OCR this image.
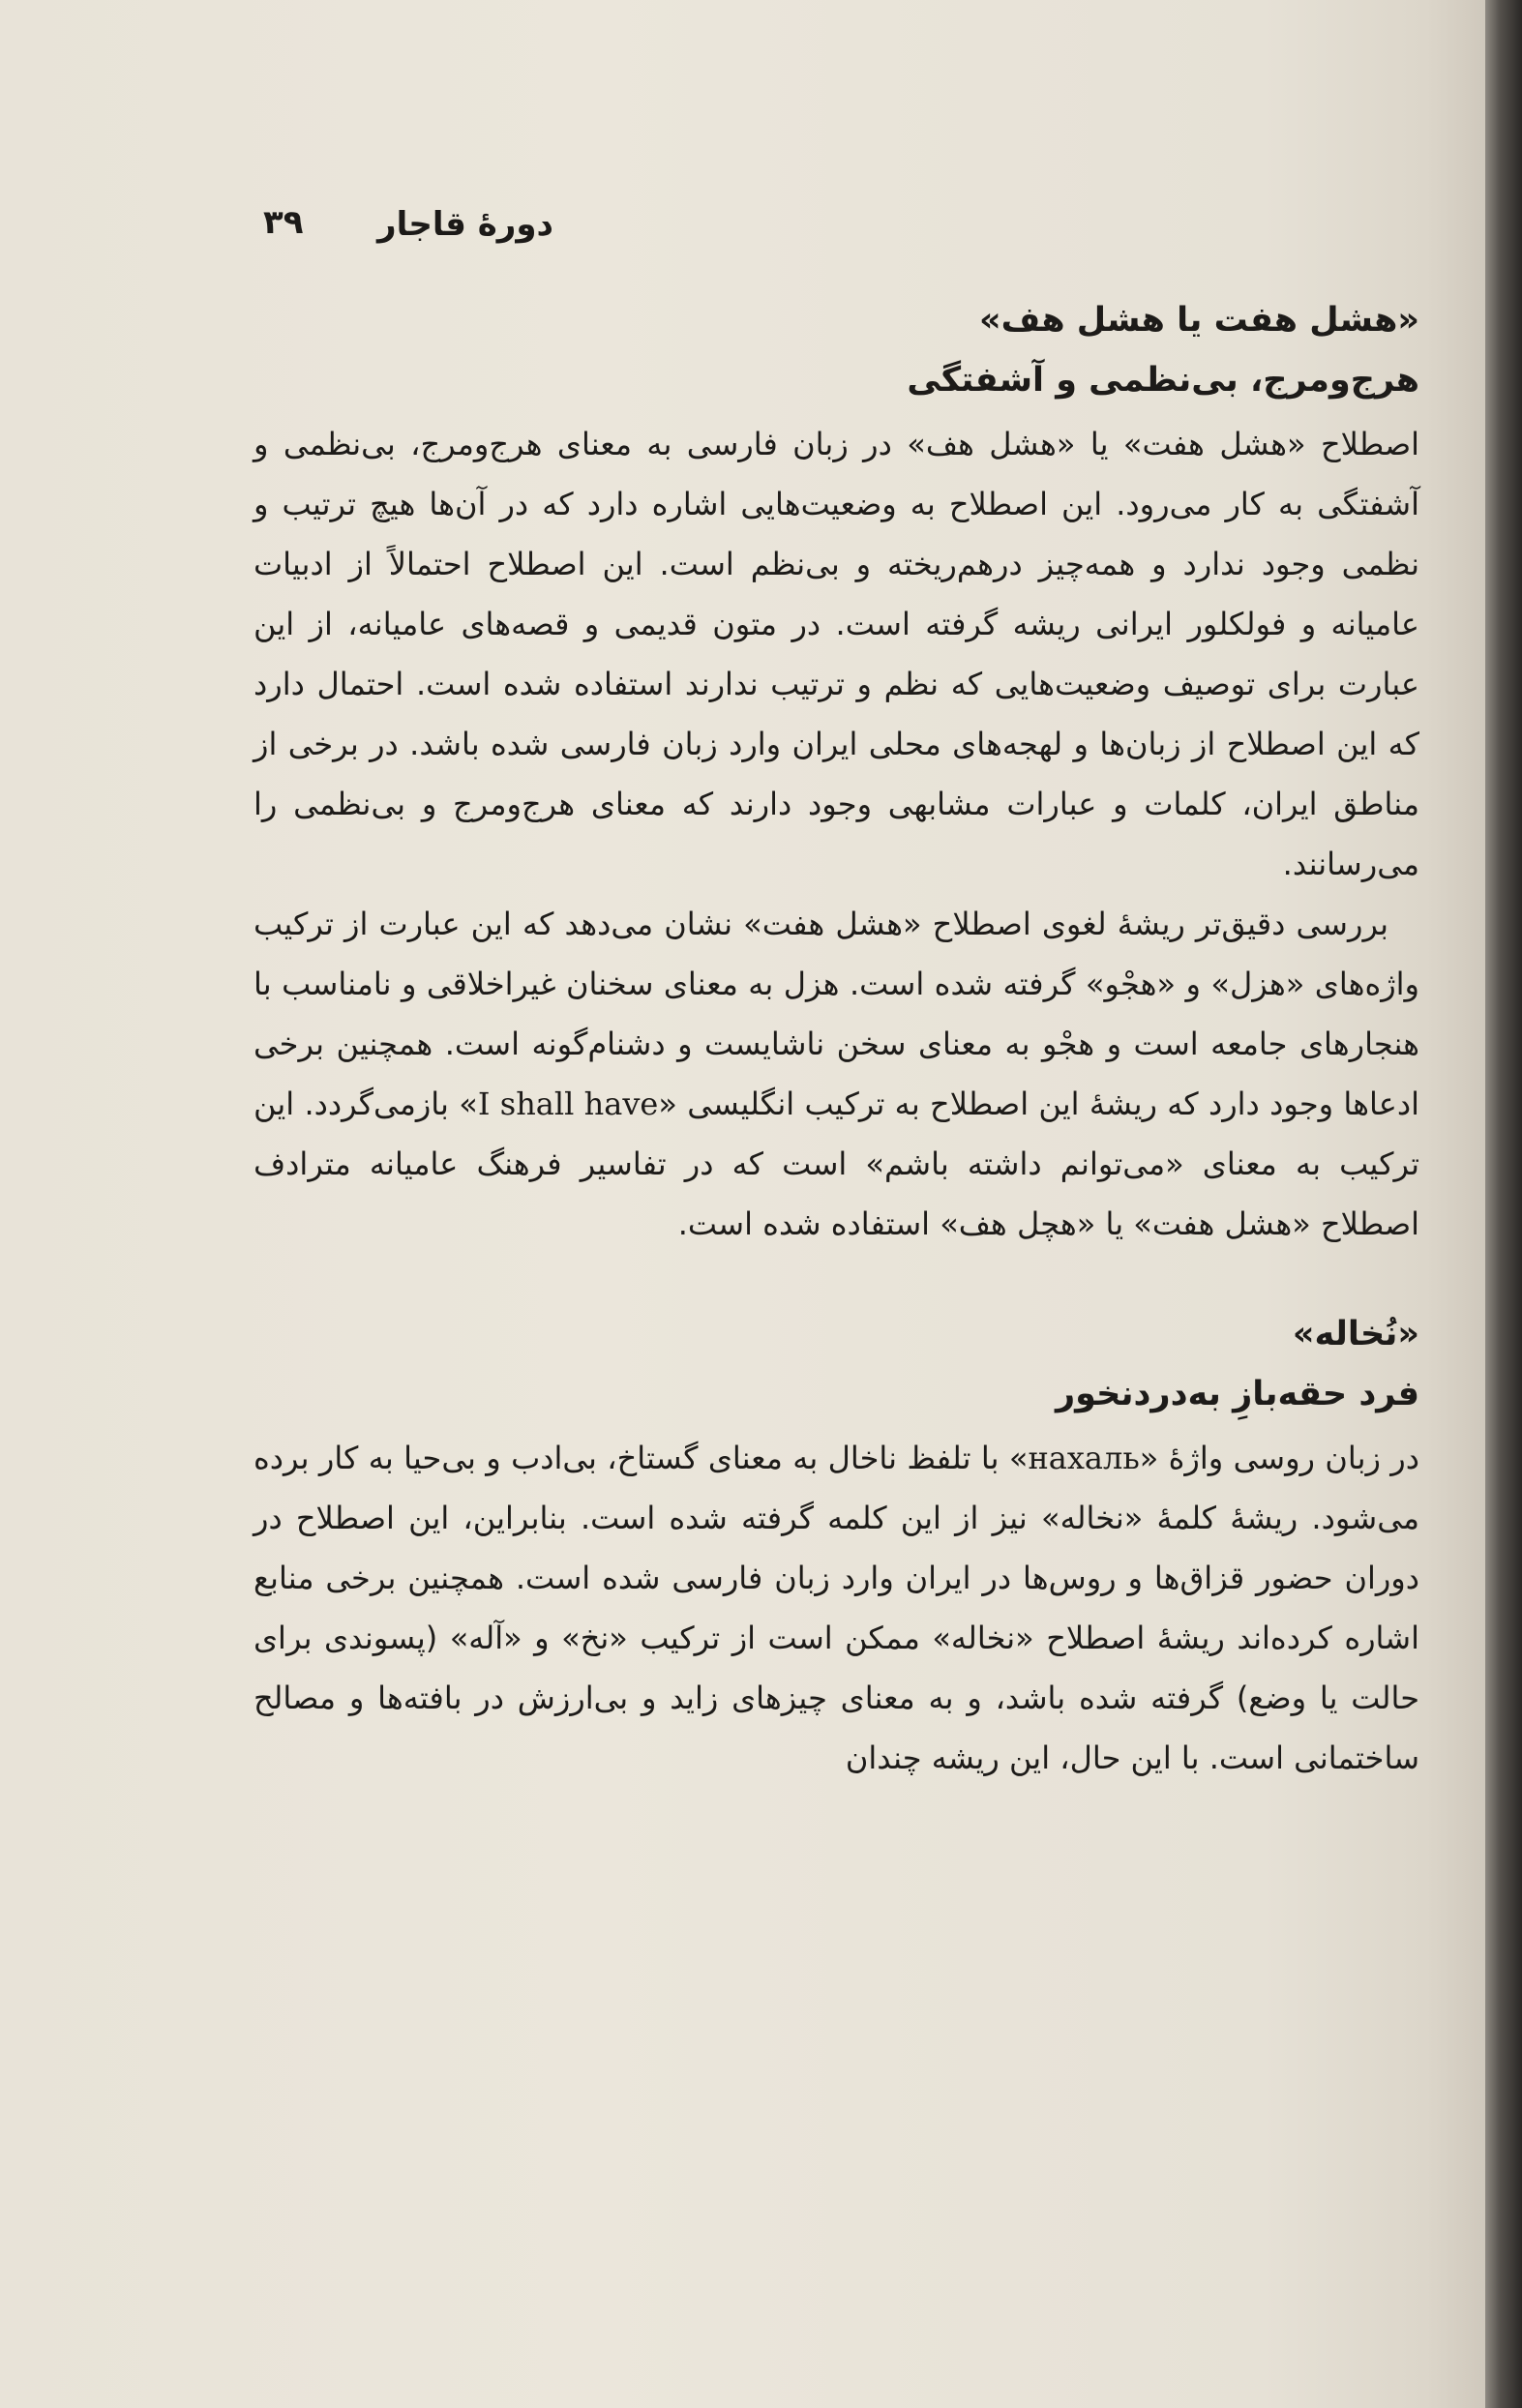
دورهٔ قاجار
۳۹

«هشل هفت یا هشل هف»

هرج‌ومرج، بی‌نظمی و آشفتگی

اصطلاح «هشل هفت» یا «هشل هف» در زبان فارسی به معنای هرج‌ومرج، بی‌نظمی و آشفتگی به کار می‌رود. این اصطلاح به وضعیت‌هایی اشاره دارد که در آن‌ها هیچ ترتیب و نظمی وجود ندارد و همه‌چیز درهم‌ریخته و بی‌نظم است. این اصطلاح احتمالاً از ادبیات عامیانه و فولکلور ایرانی ریشه گرفته است. در متون قدیمی و قصه‌های عامیانه، از این عبارت برای توصیف وضعیت‌هایی که نظم و ترتیب ندارند استفاده شده است. احتمال دارد که این اصطلاح از زبان‌ها و لهجه‌های محلی ایران وارد زبان فارسی شده باشد. در برخی از مناطق ایران، کلمات و عبارات مشابهی وجود دارند که معنای هرج‌ومرج و بی‌نظمی را می‌رسانند.

بررسی دقیق‌تر ریشهٔ لغوی اصطلاح «هشل هفت» نشان می‌دهد که این عبارت از ترکیب واژه‌های «هزل» و «هجْو» گرفته شده است. هزل به معنای سخنان غیراخلاقی و نامناسب با هنجارهای جامعه است و هجْو به معنای سخن ناشایست و دشنام‌گونه است. همچنین برخی ادعاها وجود دارد که ریشهٔ این اصطلاح به ترکیب انگلیسی «I shall have» بازمی‌گردد. این ترکیب به معنای «می‌توانم داشته باشم» است که در تفاسیر فرهنگ عامیانه مترادف اصطلاح «هشل هفت» یا «هچل هف» استفاده شده است.

«نُخاله»

فرد حقه‌بازِ به‌دردنخور

در زبان روسی واژهٔ «нахаль» با تلفظ ناخال به معنای گستاخ، بی‌ادب و بی‌حیا به کار برده می‌شود. ریشهٔ کلمهٔ «نخاله» نیز از این کلمه گرفته شده است. بنابراین، این اصطلاح در دوران حضور قزاق‌ها و روس‌ها در ایران وارد زبان فارسی شده است. همچنین برخی منابع اشاره کرده‌اند ریشهٔ اصطلاح «نخاله» ممکن است از ترکیب «نخ» و «آله» (پسوندی برای حالت یا وضع) گرفته شده باشد، و به معنای چیزهای زاید و بی‌ارزش در بافته‌ها و مصالح ساختمانی است. با این حال، این ریشه چندان
